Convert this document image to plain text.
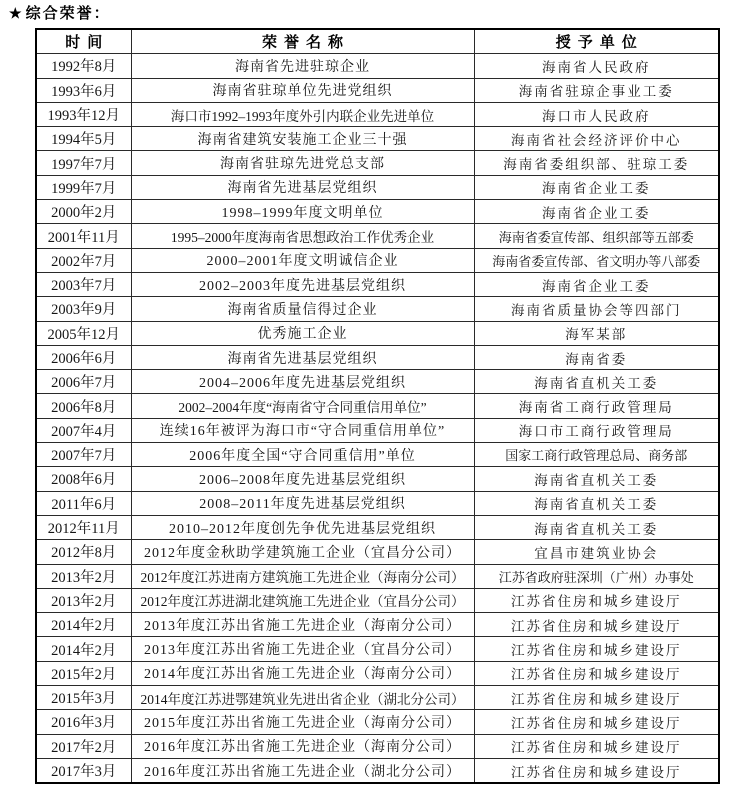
★ 综合荣誉：
时间	荣誉名称	授予单位
1992年8月	海南省先进驻琼企业	海南省人民政府
1993年6月	海南省驻琼单位先进党组织	海南省驻琼企事业工委
1993年12月	海口市1992–1993年度外引内联企业先进单位	海口市人民政府
1994年5月	海南省建筑安装施工企业三十强	海南省社会经济评价中心
1997年7月	海南省驻琼先进党总支部	海南省委组织部、驻琼工委
1999年7月	海南省先进基层党组织	海南省企业工委
2000年2月	1998–1999年度文明单位	海南省企业工委
2001年11月	1995–2000年度海南省思想政治工作优秀企业	海南省委宣传部、组织部等五部委
2002年7月	2000–2001年度文明诚信企业	海南省委宣传部、省文明办等八部委
2003年7月	2002–2003年度先进基层党组织	海南省企业工委
2003年9月	海南省质量信得过企业	海南省质量协会等四部门
2005年12月	优秀施工企业	海军某部
2006年6月	海南省先进基层党组织	海南省委
2006年7月	2004–2006年度先进基层党组织	海南省直机关工委
2006年8月	2002–2004年度“海南省守合同重信用单位”	海南省工商行政管理局
2007年4月	连续16年被评为海口市“守合同重信用单位”	海口市工商行政管理局
2007年7月	2006年度全国“守合同重信用”单位	国家工商行政管理总局、商务部
2008年6月	2006–2008年度先进基层党组织	海南省直机关工委
2011年6月	2008–2011年度先进基层党组织	海南省直机关工委
2012年11月	2010–2012年度创先争优先进基层党组织	海南省直机关工委
2012年8月	2012年度金秋助学建筑施工企业（宜昌分公司）	宜昌市建筑业协会
2013年2月	2012年度江苏进南方建筑施工先进企业（海南分公司）	江苏省政府驻深圳（广州）办事处
2013年2月	2012年度江苏进湖北建筑施工先进企业（宜昌分公司）	江苏省住房和城乡建设厅
2014年2月	2013年度江苏出省施工先进企业（海南分公司）	江苏省住房和城乡建设厅
2014年2月	2013年度江苏出省施工先进企业（宜昌分公司）	江苏省住房和城乡建设厅
2015年2月	2014年度江苏出省施工先进企业（海南分公司）	江苏省住房和城乡建设厅
2015年3月	2014年度江苏进鄂建筑业先进出省企业（湖北分公司）	江苏省住房和城乡建设厅
2016年3月	2015年度江苏出省施工先进企业（海南分公司）	江苏省住房和城乡建设厅
2017年2月	2016年度江苏出省施工先进企业（海南分公司）	江苏省住房和城乡建设厅
2017年3月	2016年度江苏出省施工先进企业（湖北分公司）	江苏省住房和城乡建设厅
